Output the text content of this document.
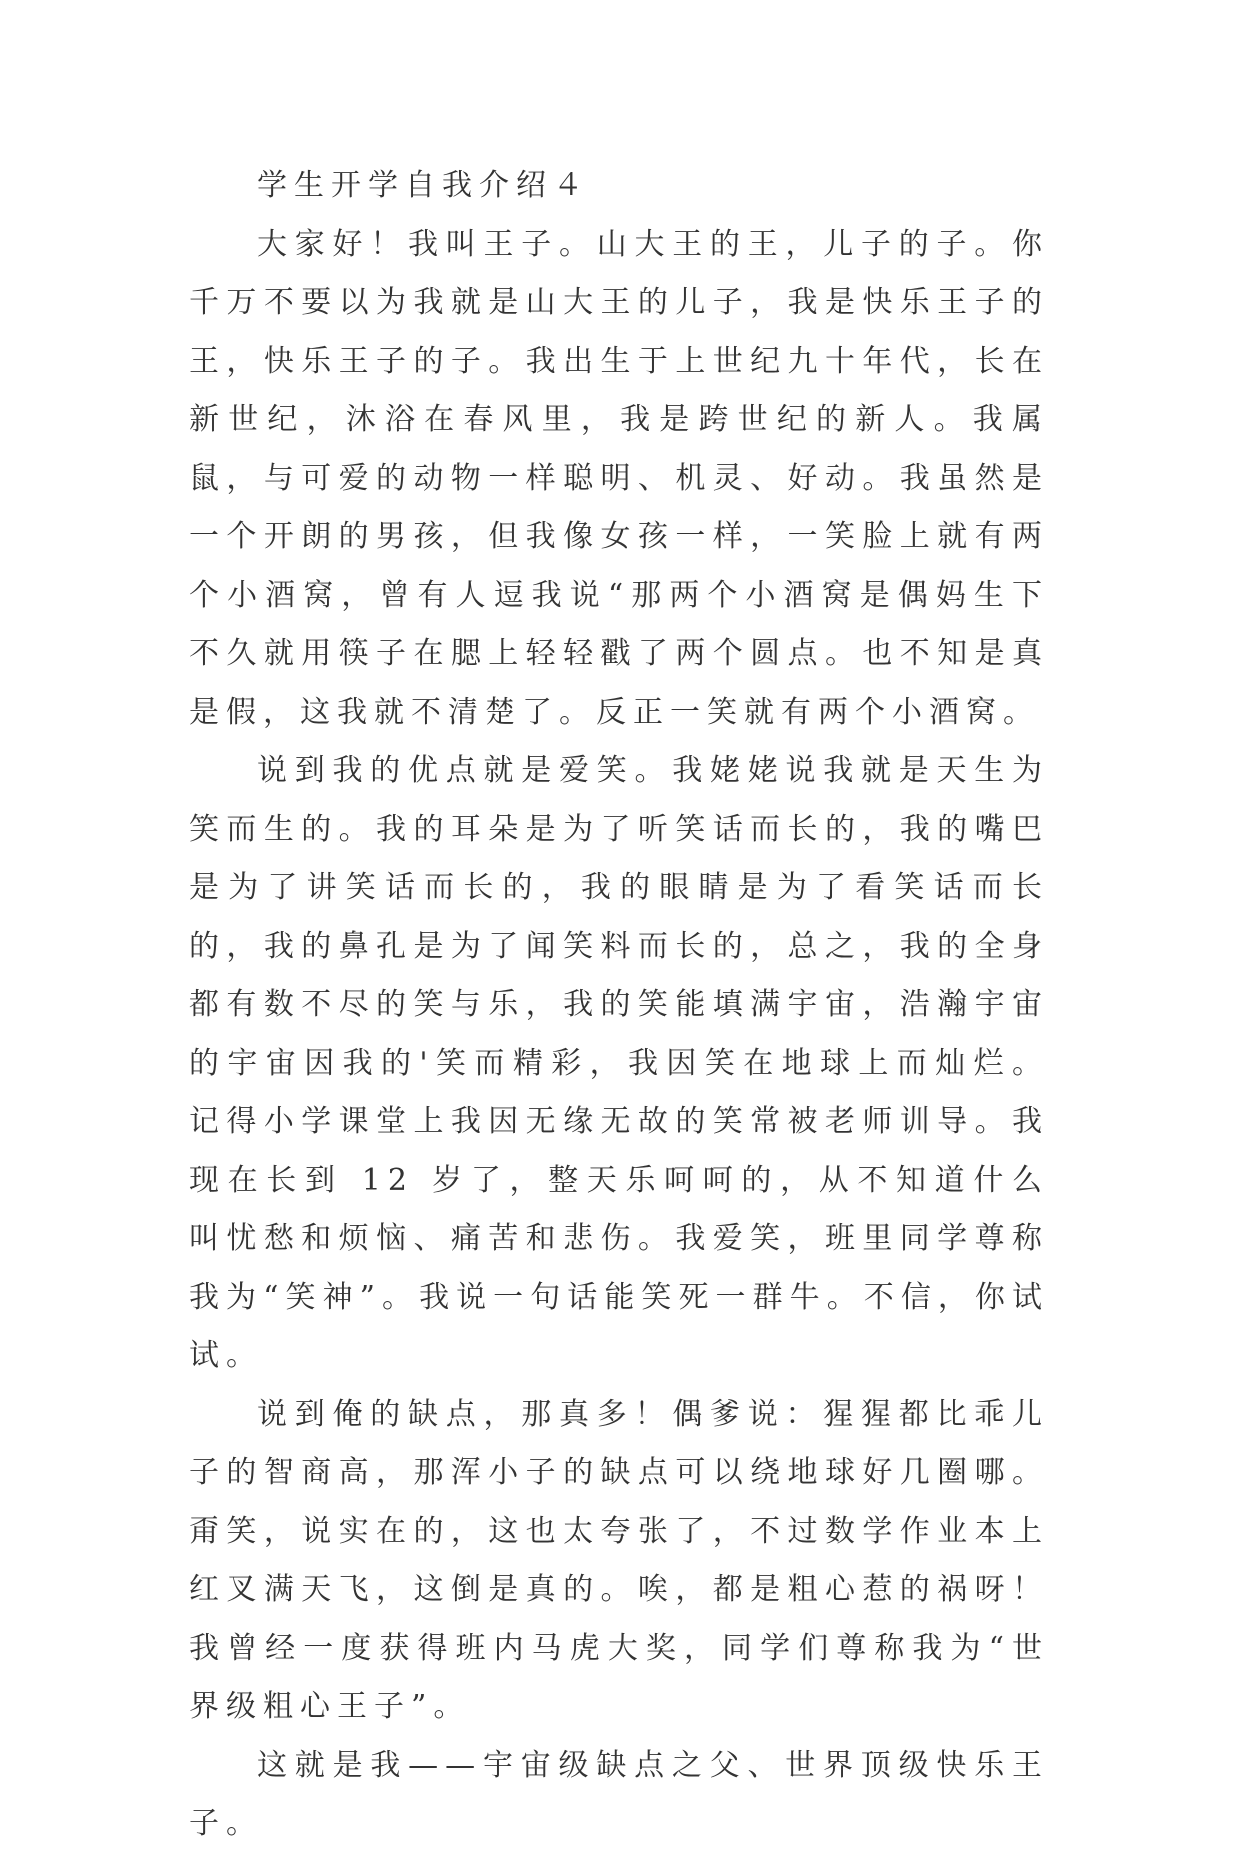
学生开学自我介绍４

大家好！我叫王子。山大王的王，儿子的子。你千万不要以为我就是山大王的儿子，我是快乐王子的王，快乐王子的子。我出生于上世纪九十年代，长在新世纪，沐浴在春风里，我是跨世纪的新人。我属鼠，与可爱的动物一样聪明、机灵、好动。我虽然是一个开朗的男孩，但我像女孩一样，一笑脸上就有两个小酒窝，曾有人逗我说“那两个小酒窝是偶妈生下不久就用筷子在腮上轻轻戳了两个圆点。也不知是真是假，这我就不清楚了。反正一笑就有两个小酒窝。

说到我的优点就是爱笑。我姥姥说我就是天生为笑而生的。我的耳朵是为了听笑话而长的，我的嘴巴是为了讲笑话而长的，我的眼睛是为了看笑话而长的，我的鼻孔是为了闻笑料而长的，总之，我的全身都有数不尽的笑与乐，我的笑能填满宇宙，浩瀚宇宙的宇宙因我的'笑而精彩，我因笑在地球上而灿烂。记得小学课堂上我因无缘无故的笑常被老师训导。我现在长到 12 岁了，整天乐呵呵的，从不知道什么叫忧愁和烦恼、痛苦和悲伤。我爱笑，班里同学尊称我为“笑神”。我说一句话能笑死一群牛。不信，你试试。

说到俺的缺点，那真多！偶爹说：猩猩都比乖儿子的智商高，那浑小子的缺点可以绕地球好几圈哪。甭笑，说实在的，这也太夸张了，不过数学作业本上红叉满天飞，这倒是真的。唉，都是粗心惹的祸呀！我曾经一度获得班内马虎大奖，同学们尊称我为“世界级粗心王子”。

这就是我——宇宙级缺点之父、世界顶级快乐王子。
